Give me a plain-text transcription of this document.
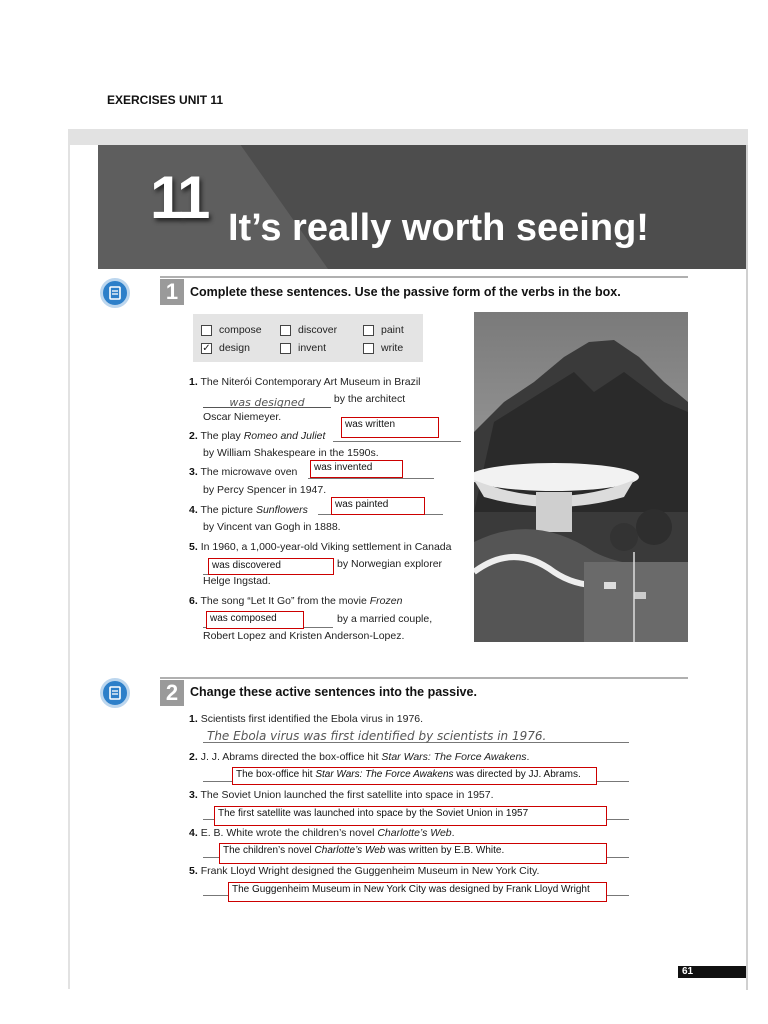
EXERCISES UNIT 11
11 It’s really worth seeing!
1 Complete these sentences. Use the passive form of the verbs in the box.
compose	discover	paint
✓ design	invent	write
1. The Niterói Contemporary Art Museum in Brazil
was designed	by the architect
Oscar Niemeyer.
2. The play Romeo and Juliet
was written
by William Shakespeare in the 1590s.
3. The microwave oven	was invented
by Percy Spencer in 1947.
4. The picture Sunflowers	was painted
by Vincent van Gogh in 1888.
5. In 1960, a 1,000-year-old Viking settlement in Canada
was discovered	by Norwegian explorer
Helge Ingstad.
6. The song “Let It Go” from the movie Frozen
was composed	by a married couple,
Robert Lopez and Kristen Anderson-Lopez.
2 Change these active sentences into the passive.
1. Scientists first identified the Ebola virus in 1976.
The Ebola virus was first identified by scientists in 1976.
2. J. J. Abrams directed the box-office hit Star Wars: The Force Awakens.
The box-office hit Star Wars: The Force Awakens was directed by JJ. Abrams.
3. The Soviet Union launched the first satellite into space in 1957.
The first satellite was launched into space by the Soviet Union in 1957
4. E. B. White wrote the children’s novel Charlotte’s Web.
The children’s novel Charlotte’s Web was written by E.B. White.
5. Frank Lloyd Wright designed the Guggenheim Museum in New York City.
The Guggenheim Museum in New York City was designed by Frank Lloyd Wright
61
